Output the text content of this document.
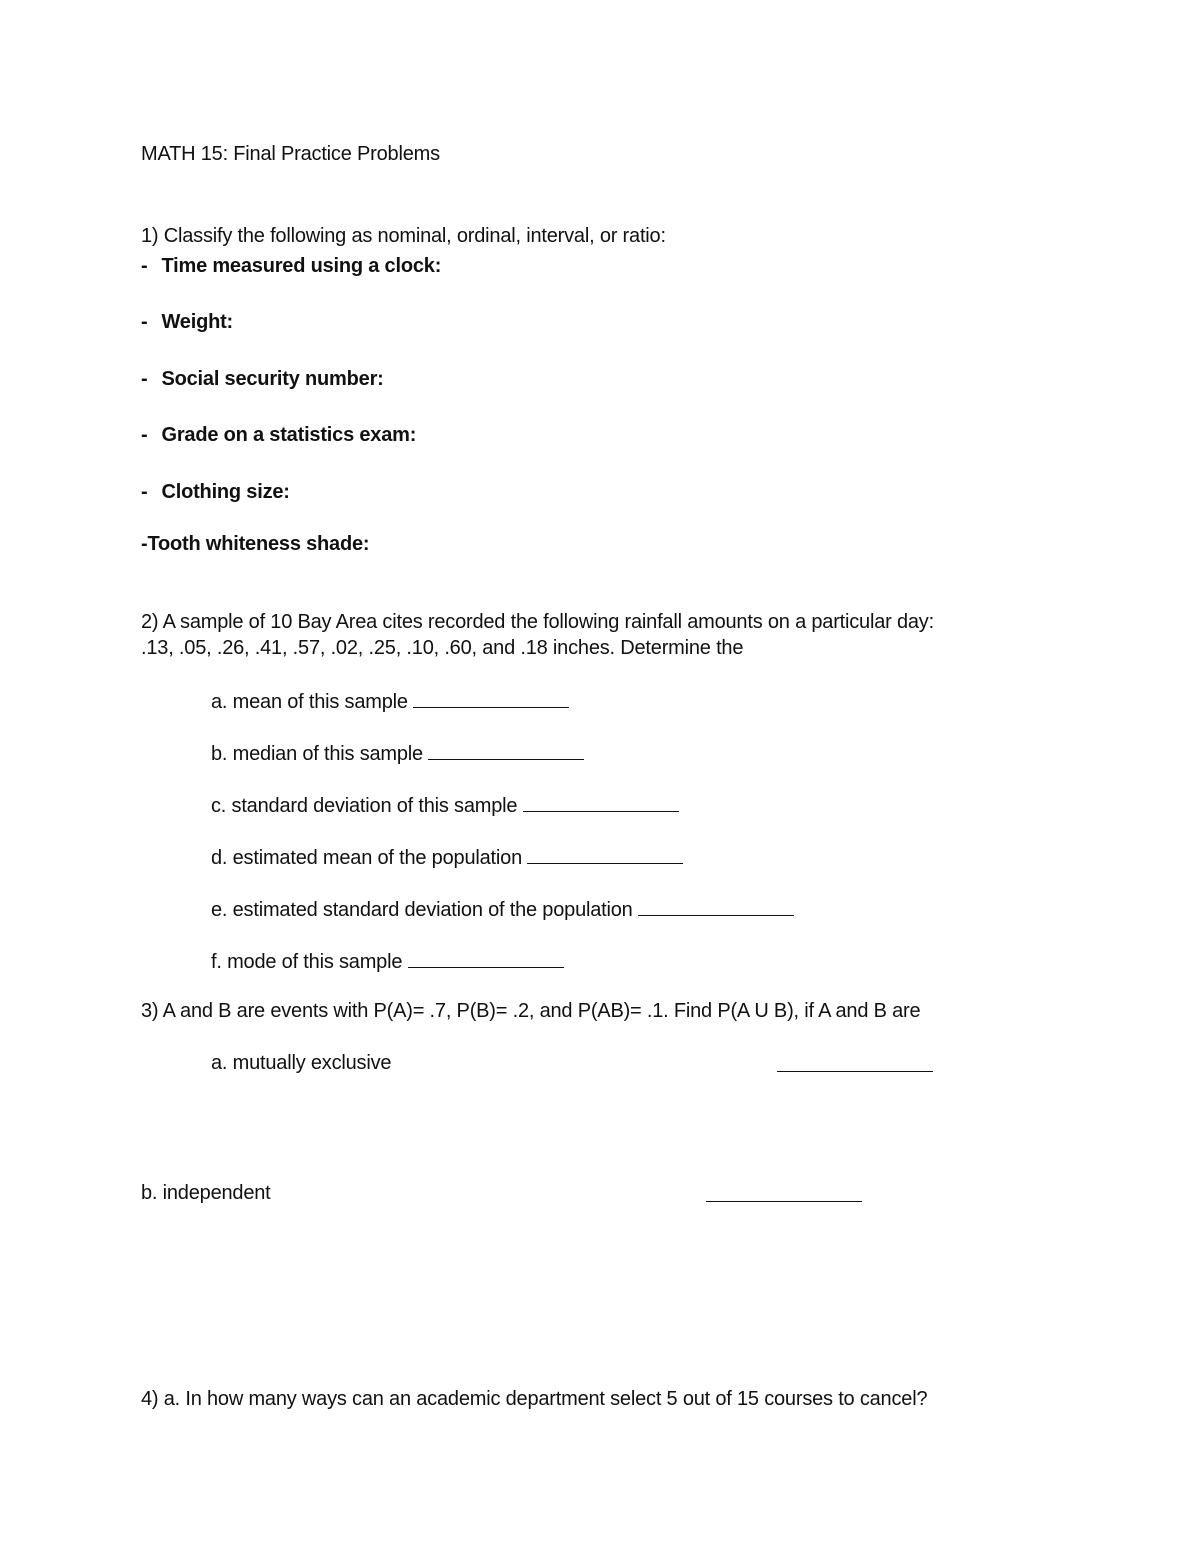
MATH 15: Final Practice Problems
1) Classify the following as nominal, ordinal, interval, or ratio:
- Time measured using a clock:
- Weight:
- Social security number:
- Grade on a statistics exam:
- Clothing size:
-Tooth whiteness shade:
2) A sample of 10 Bay Area cites recorded the following rainfall amounts on a particular day:
.13, .05, .26, .41, .57, .02, .25, .10, .60, and .18 inches. Determine the
a. mean of this sample
b. median of this sample
c. standard deviation of this sample
d. estimated mean of the population
e. estimated standard deviation of the population
f. mode of this sample
3) A and B are events with P(A)= .7, P(B)= .2, and P(AB)= .1. Find P(A U B), if A and B are
a. mutually exclusive
b. independent
4) a. In how many ways can an academic department select 5 out of 15 courses to cancel?
